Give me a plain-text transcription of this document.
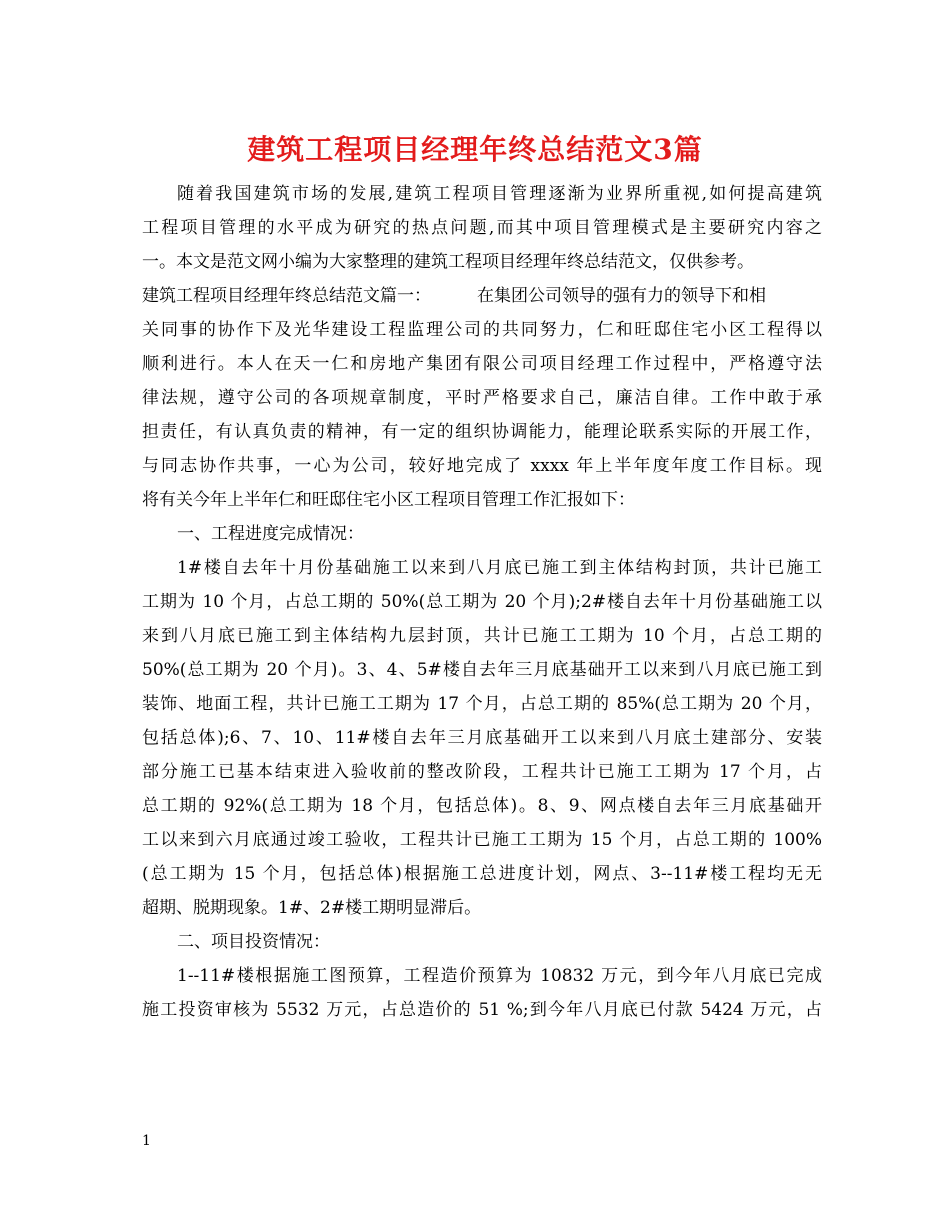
建筑工程项目经理年终总结范文3篇
随着我国建筑市场的发展,建筑工程项目管理逐渐为业界所重视,如何提高建筑
工程项目管理的水平成为研究的热点问题,而其中项目管理模式是主要研究内容之
一。本文是范文网小编为大家整理的建筑工程项目经理年终总结范文，仅供参考。
建筑工程项目经理年终总结范文篇一：	在集团公司领导的强有力的领导下和相
关同事的协作下及光华建设工程监理公司的共同努力，仁和旺邸住宅小区工程得以
顺利进行。本人在天一仁和房地产集团有限公司项目经理工作过程中，严格遵守法
律法规，遵守公司的各项规章制度，平时严格要求自己，廉洁自律。工作中敢于承
担责任，有认真负责的精神，有一定的组织协调能力，能理论联系实际的开展工作，
与同志协作共事，一心为公司，较好地完成了 xxxx 年上半年度年度工作目标。现
将有关今年上半年仁和旺邸住宅小区工程项目管理工作汇报如下：
一、工程进度完成情况：
1#楼自去年十月份基础施工以来到八月底已施工到主体结构封顶，共计已施工
工期为 10 个月，占总工期的 50%(总工期为 20 个月);2#楼自去年十月份基础施工以
来到八月底已施工到主体结构九层封顶，共计已施工工期为 10 个月，占总工期的
50%(总工期为 20 个月)。3、4、5#楼自去年三月底基础开工以来到八月底已施工到
装饰、地面工程，共计已施工工期为 17 个月，占总工期的 85%(总工期为 20 个月，
包括总体);6、7、10、11#楼自去年三月底基础开工以来到八月底土建部分、安装
部分施工已基本结束进入验收前的整改阶段，工程共计已施工工期为 17 个月，占
总工期的 92%(总工期为 18 个月，包括总体)。8、9、网点楼自去年三月底基础开
工以来到六月底通过竣工验收，工程共计已施工工期为 15 个月，占总工期的 100%
(总工期为 15 个月，包括总体)根据施工总进度计划，网点、3--11#楼工程均无无
超期、脱期现象。1#、2#楼工期明显滞后。
二、项目投资情况：
1--11#楼根据施工图预算，工程造价预算为 10832 万元，到今年八月底已完成
施工投资审核为 5532 万元，占总造价的 51 %;到今年八月底已付款 5424 万元，占
1
